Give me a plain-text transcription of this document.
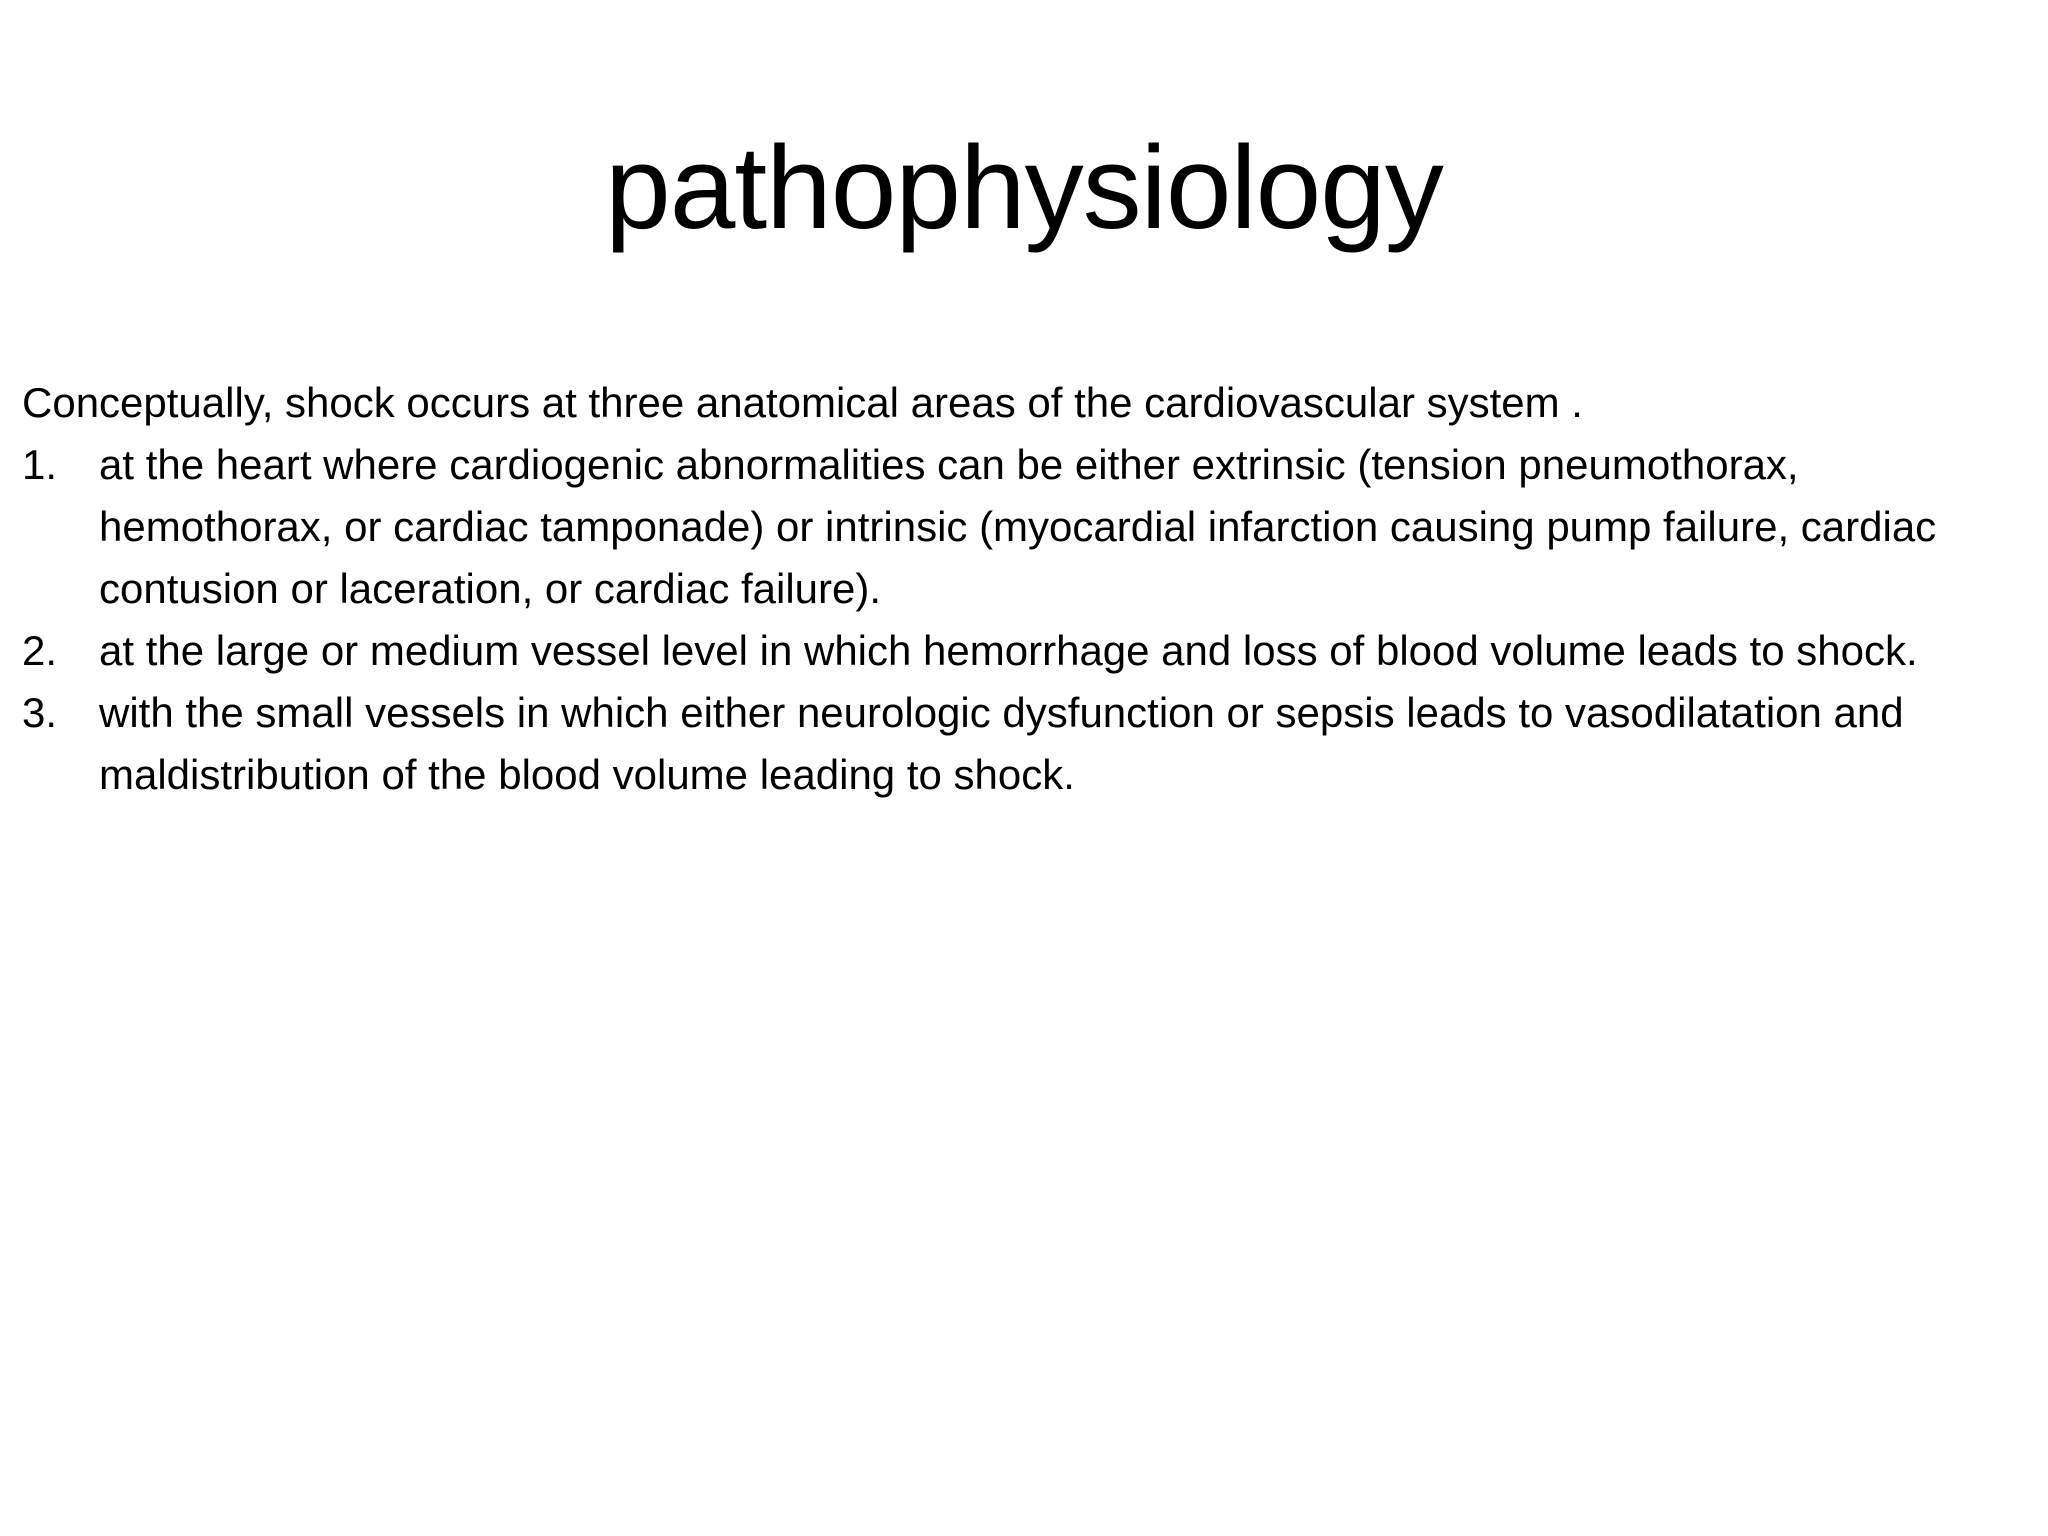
pathophysiology

Conceptually, shock occurs at three anatomical areas of the cardiovascular system .

1. at the heart where cardiogenic abnormalities can be either extrinsic (tension pneumothorax, hemothorax, or cardiac tamponade) or intrinsic (myocardial infarction causing pump failure, cardiac contusion or laceration, or cardiac failure).
2. at the large or medium vessel level in which hemorrhage and loss of blood volume leads to shock.
3. with the small vessels in which either neurologic dysfunction or sepsis leads to vasodilatation and maldistribution of the blood volume leading to shock.
